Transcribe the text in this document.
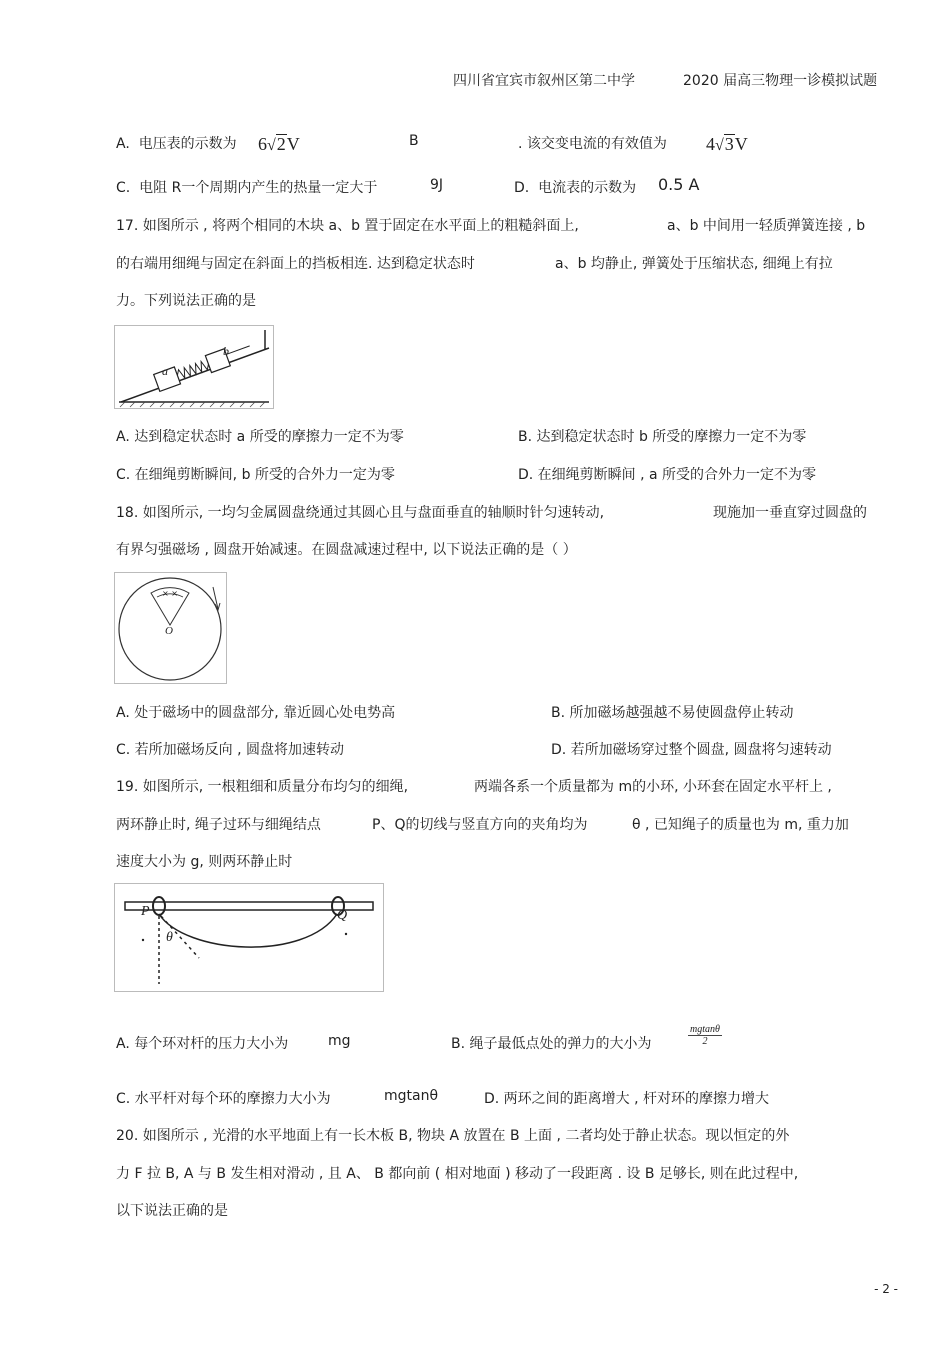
四川省宜宾市叙州区第二中学	2020 届高三物理一诊模拟试题
A. 电压表的示数为 6√2V	B	. 该交变电流的有效值为 4√3V
C. 电阻 R一个周期内产生的热量一定大于	9J	D. 电流表的示数为 0.5 A
17. 如图所示 , 将两个相同的木块 a、b 置于固定在水平面上的粗糙斜面上,	a、b 中间用一轻质弹簧连接 , b
的右端用细绳与固定在斜面上的挡板相连. 达到稳定状态时	a、b 均静止, 弹簧处于压缩状态, 细绳上有拉
力。下列说法正确的是
a
b
A. 达到稳定状态时 a 所受的摩擦力一定不为零	B. 达到稳定状态时 b 所受的摩擦力一定不为零
C. 在细绳剪断瞬间, b 所受的合外力一定为零	D. 在细绳剪断瞬间 , a 所受的合外力一定不为零
18. 如图所示, 一均匀金属圆盘绕通过其圆心且与盘面垂直的轴顺时针匀速转动,	现施加一垂直穿过圆盘的
有界匀强磁场 , 圆盘开始减速。在圆盘减速过程中, 以下说法正确的是（ ）
× ×
O
A. 处于磁场中的圆盘部分, 靠近圆心处电势高	B. 所加磁场越强越不易使圆盘停止转动
C. 若所加磁场反向 , 圆盘将加速转动	D. 若所加磁场穿过整个圆盘, 圆盘将匀速转动
19. 如图所示, 一根粗细和质量分布均匀的细绳,	两端各系一个质量都为 m的小环, 小环套在固定水平杆上 ,
两环静止时, 绳子过环与细绳结点	P、Q的切线与竖直方向的夹角均为	θ , 已知绳子的质量也为 m, 重力加
速度大小为 g, 则两环静止时
P	Q
θ
A. 每个环对杆的压力大小为	mg	B. 绳子最低点处的弹力的大小为	$\frac{mgtan\theta}{2}$
C. 水平杆对每个环的摩擦力大小为	mgtanθ	D. 两环之间的距离增大 , 杆对环的摩擦力增大
20. 如图所示 , 光滑的水平地面上有一长木板 B, 物块 A 放置在 B 上面 , 二者均处于静止状态。现以恒定的外
力 F 拉 B, A 与 B 发生相对滑动 , 且 A、 B 都向前 ( 相对地面 ) 移动了一段距离 . 设 B 足够长, 则在此过程中,
以下说法正确的是
- 2 -
